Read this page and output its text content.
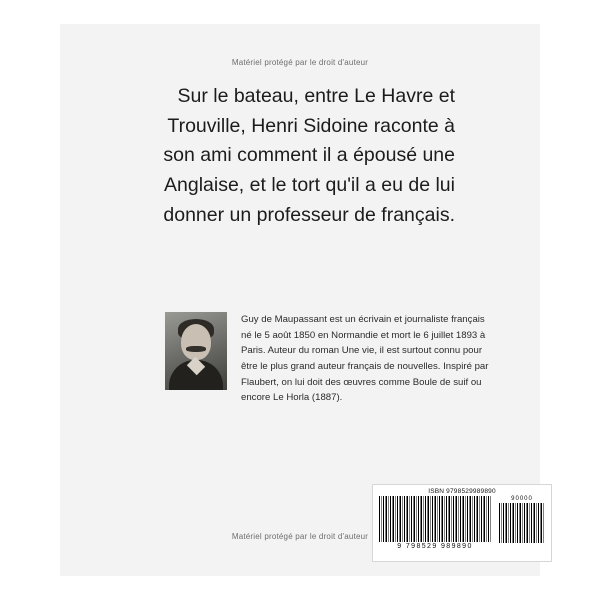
Matériel protégé par le droit d'auteur
Sur le bateau, entre Le Havre et Trouville, Henri Sidoine raconte à son ami comment il a épousé une Anglaise, et le tort qu'il a eu de lui donner un professeur de français.
Guy de Maupassant est un écrivain et journaliste français né le 5 août 1850 en Normandie et mort le 6 juillet 1893 à Paris. Auteur du roman Une vie, il est surtout connu pour être le plus grand auteur français de nouvelles. Inspiré par Flaubert, on lui doit des œuvres comme Boule de suif ou encore Le Horla (1887).
ISBN 9798529989890
9 798529 989890
90000
Matériel protégé par le droit d'auteur
